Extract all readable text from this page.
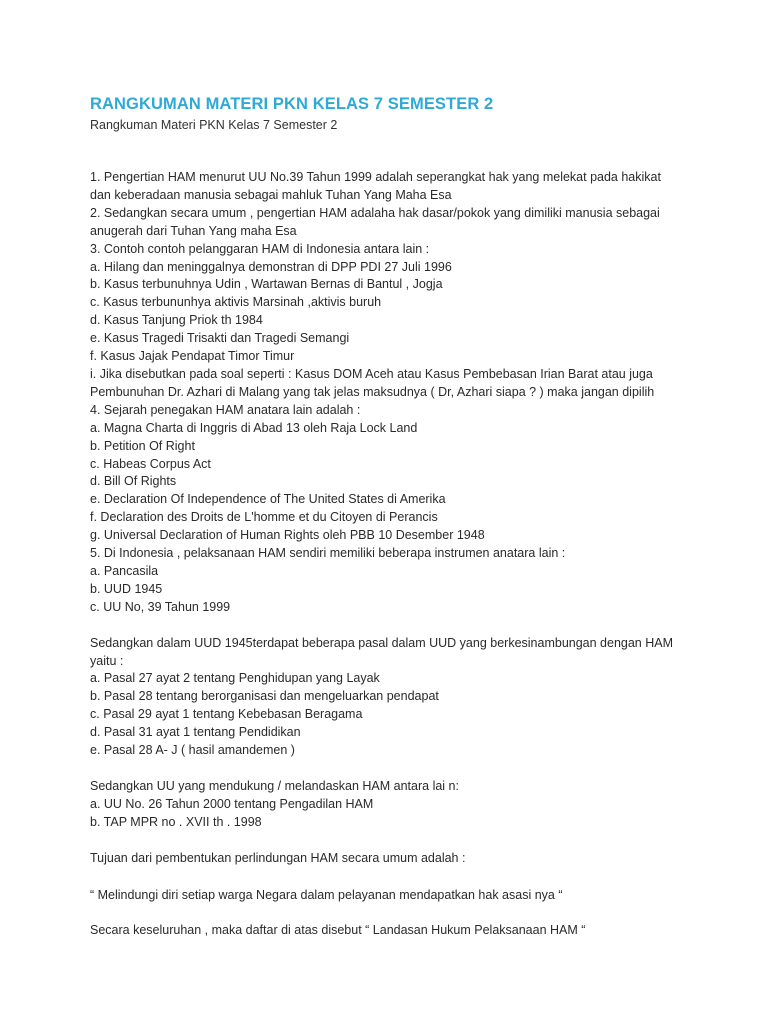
RANGKUMAN MATERI PKN KELAS 7 SEMESTER 2
Rangkuman Materi PKN Kelas 7 Semester 2
1. Pengertian HAM menurut UU No.39 Tahun 1999 adalah seperangkat hak yang melekat pada hakikat
dan keberadaan manusia sebagai mahluk Tuhan Yang Maha Esa
2. Sedangkan secara umum , pengertian HAM adalaha hak dasar/pokok yang dimiliki manusia sebagai
anugerah dari Tuhan Yang maha Esa
3. Contoh contoh pelanggaran HAM di Indonesia antara lain :
a. Hilang dan meninggalnya demonstran di DPP PDI 27 Juli 1996
b. Kasus terbunuhnya Udin , Wartawan Bernas di Bantul , Jogja
c. Kasus terbununhya aktivis Marsinah ,aktivis buruh
d. Kasus Tanjung Priok th 1984
e. Kasus Tragedi Trisakti dan Tragedi Semangi
f. Kasus Jajak Pendapat Timor Timur
i. Jika disebutkan pada soal seperti : Kasus DOM Aceh atau Kasus Pembebasan Irian Barat atau juga
Pembunuhan Dr. Azhari di Malang yang tak jelas maksudnya ( Dr, Azhari siapa ? ) maka jangan dipilih
4. Sejarah penegakan HAM anatara lain adalah :
a. Magna Charta di Inggris di Abad 13 oleh Raja Lock Land
b. Petition Of Right
c. Habeas Corpus Act
d. Bill Of Rights
e. Declaration Of Independence of The United States di Amerika
f. Declaration des Droits de L'homme et du Citoyen di Perancis
g. Universal Declaration of Human Rights oleh PBB 10 Desember 1948
5. Di Indonesia , pelaksanaan HAM sendiri memiliki beberapa instrumen anatara lain :
a. Pancasila
b. UUD 1945
c. UU No, 39 Tahun 1999
Sedangkan dalam UUD 1945terdapat beberapa pasal dalam UUD yang berkesinambungan dengan HAM
yaitu :
a. Pasal 27 ayat 2 tentang Penghidupan yang Layak
b. Pasal 28 tentang berorganisasi dan mengeluarkan pendapat
c. Pasal 29 ayat 1 tentang Kebebasan Beragama
d. Pasal 31 ayat 1 tentang Pendidikan
e. Pasal 28 A- J ( hasil amandemen )
Sedangkan UU yang mendukung / melandaskan HAM antara lai n:
a. UU No. 26 Tahun 2000 tentang Pengadilan HAM
b. TAP MPR no . XVII th . 1998
Tujuan dari pembentukan perlindungan HAM secara umum adalah :
“ Melindungi diri setiap warga Negara dalam pelayanan mendapatkan hak asasi nya “
Secara keseluruhan , maka daftar di atas disebut “ Landasan Hukum Pelaksanaan HAM “
